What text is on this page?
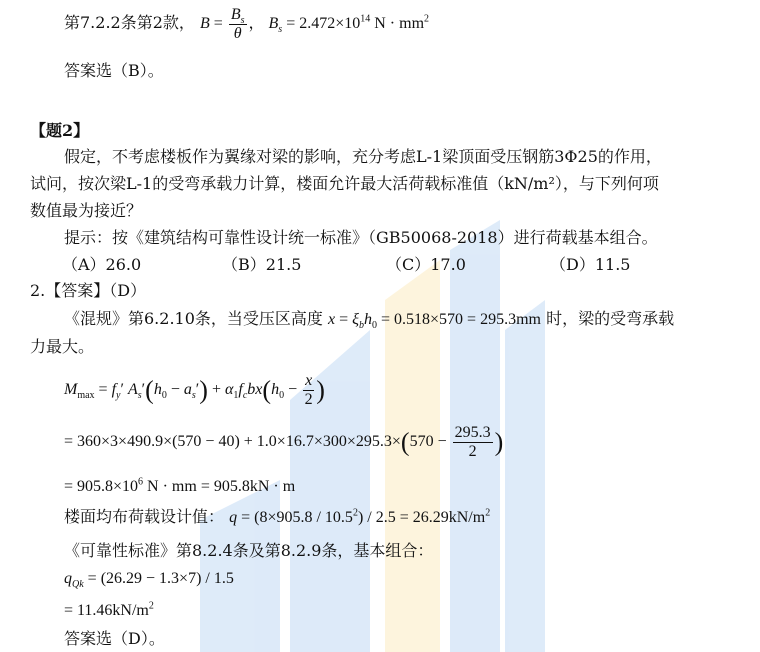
第7.2.2条第2款， $B = \frac{B_s}{\theta}$ ， $B_s = 2.472\times 10^{14}$ $N \cdot mm^2$
答案选（B）。
【题2】
假定，不考虑楼板作为翼缘对梁的影响，充分考虑L-1梁顶面受压钢筋3Φ25的作用，
试问，按次梁L-1的受弯承载力计算，楼面允许最大活荷载标准值（kN/m²），与下列何项
数值最为接近？
提示：按《建筑结构可靠性设计统一标准》（GB50068-2018）进行荷载基本组合。
（A）26.0	（B）21.5	（C）17.0	（D）11.5
2.【答案】（D）
《混规》第6.2.10条，当受压区高度 $x = \xi_bh_0 = 0.518\times 570 = 295.3mm$ 时，梁的受弯承载
力最大。
$M_{max} = f_y'$ $A_s'(h_0 - a_s') + \alpha_1f_cbx(h_0 - \frac{x}{2}$ )
= $360\times 3\times 490.9\times(570 - 40) + 1.0\times 16.7\times 300\times 295.3\times(570 - \frac{295.3}{2}$ )
= $905.8\times 10^6$ N · mm = 905.8kN · m
楼面均布荷载设计值： $q = (8\times 905.8 / 10.5^2) / 2.5 = 26.29kN/m^2$
《可靠性标准》第8.2.4条及第8.2.9条，基本组合：
$q_{Qk} = (26.29 - 1.3\times 7) / 1.5$
= $11.46kN/m^2$
答案选（D）。
